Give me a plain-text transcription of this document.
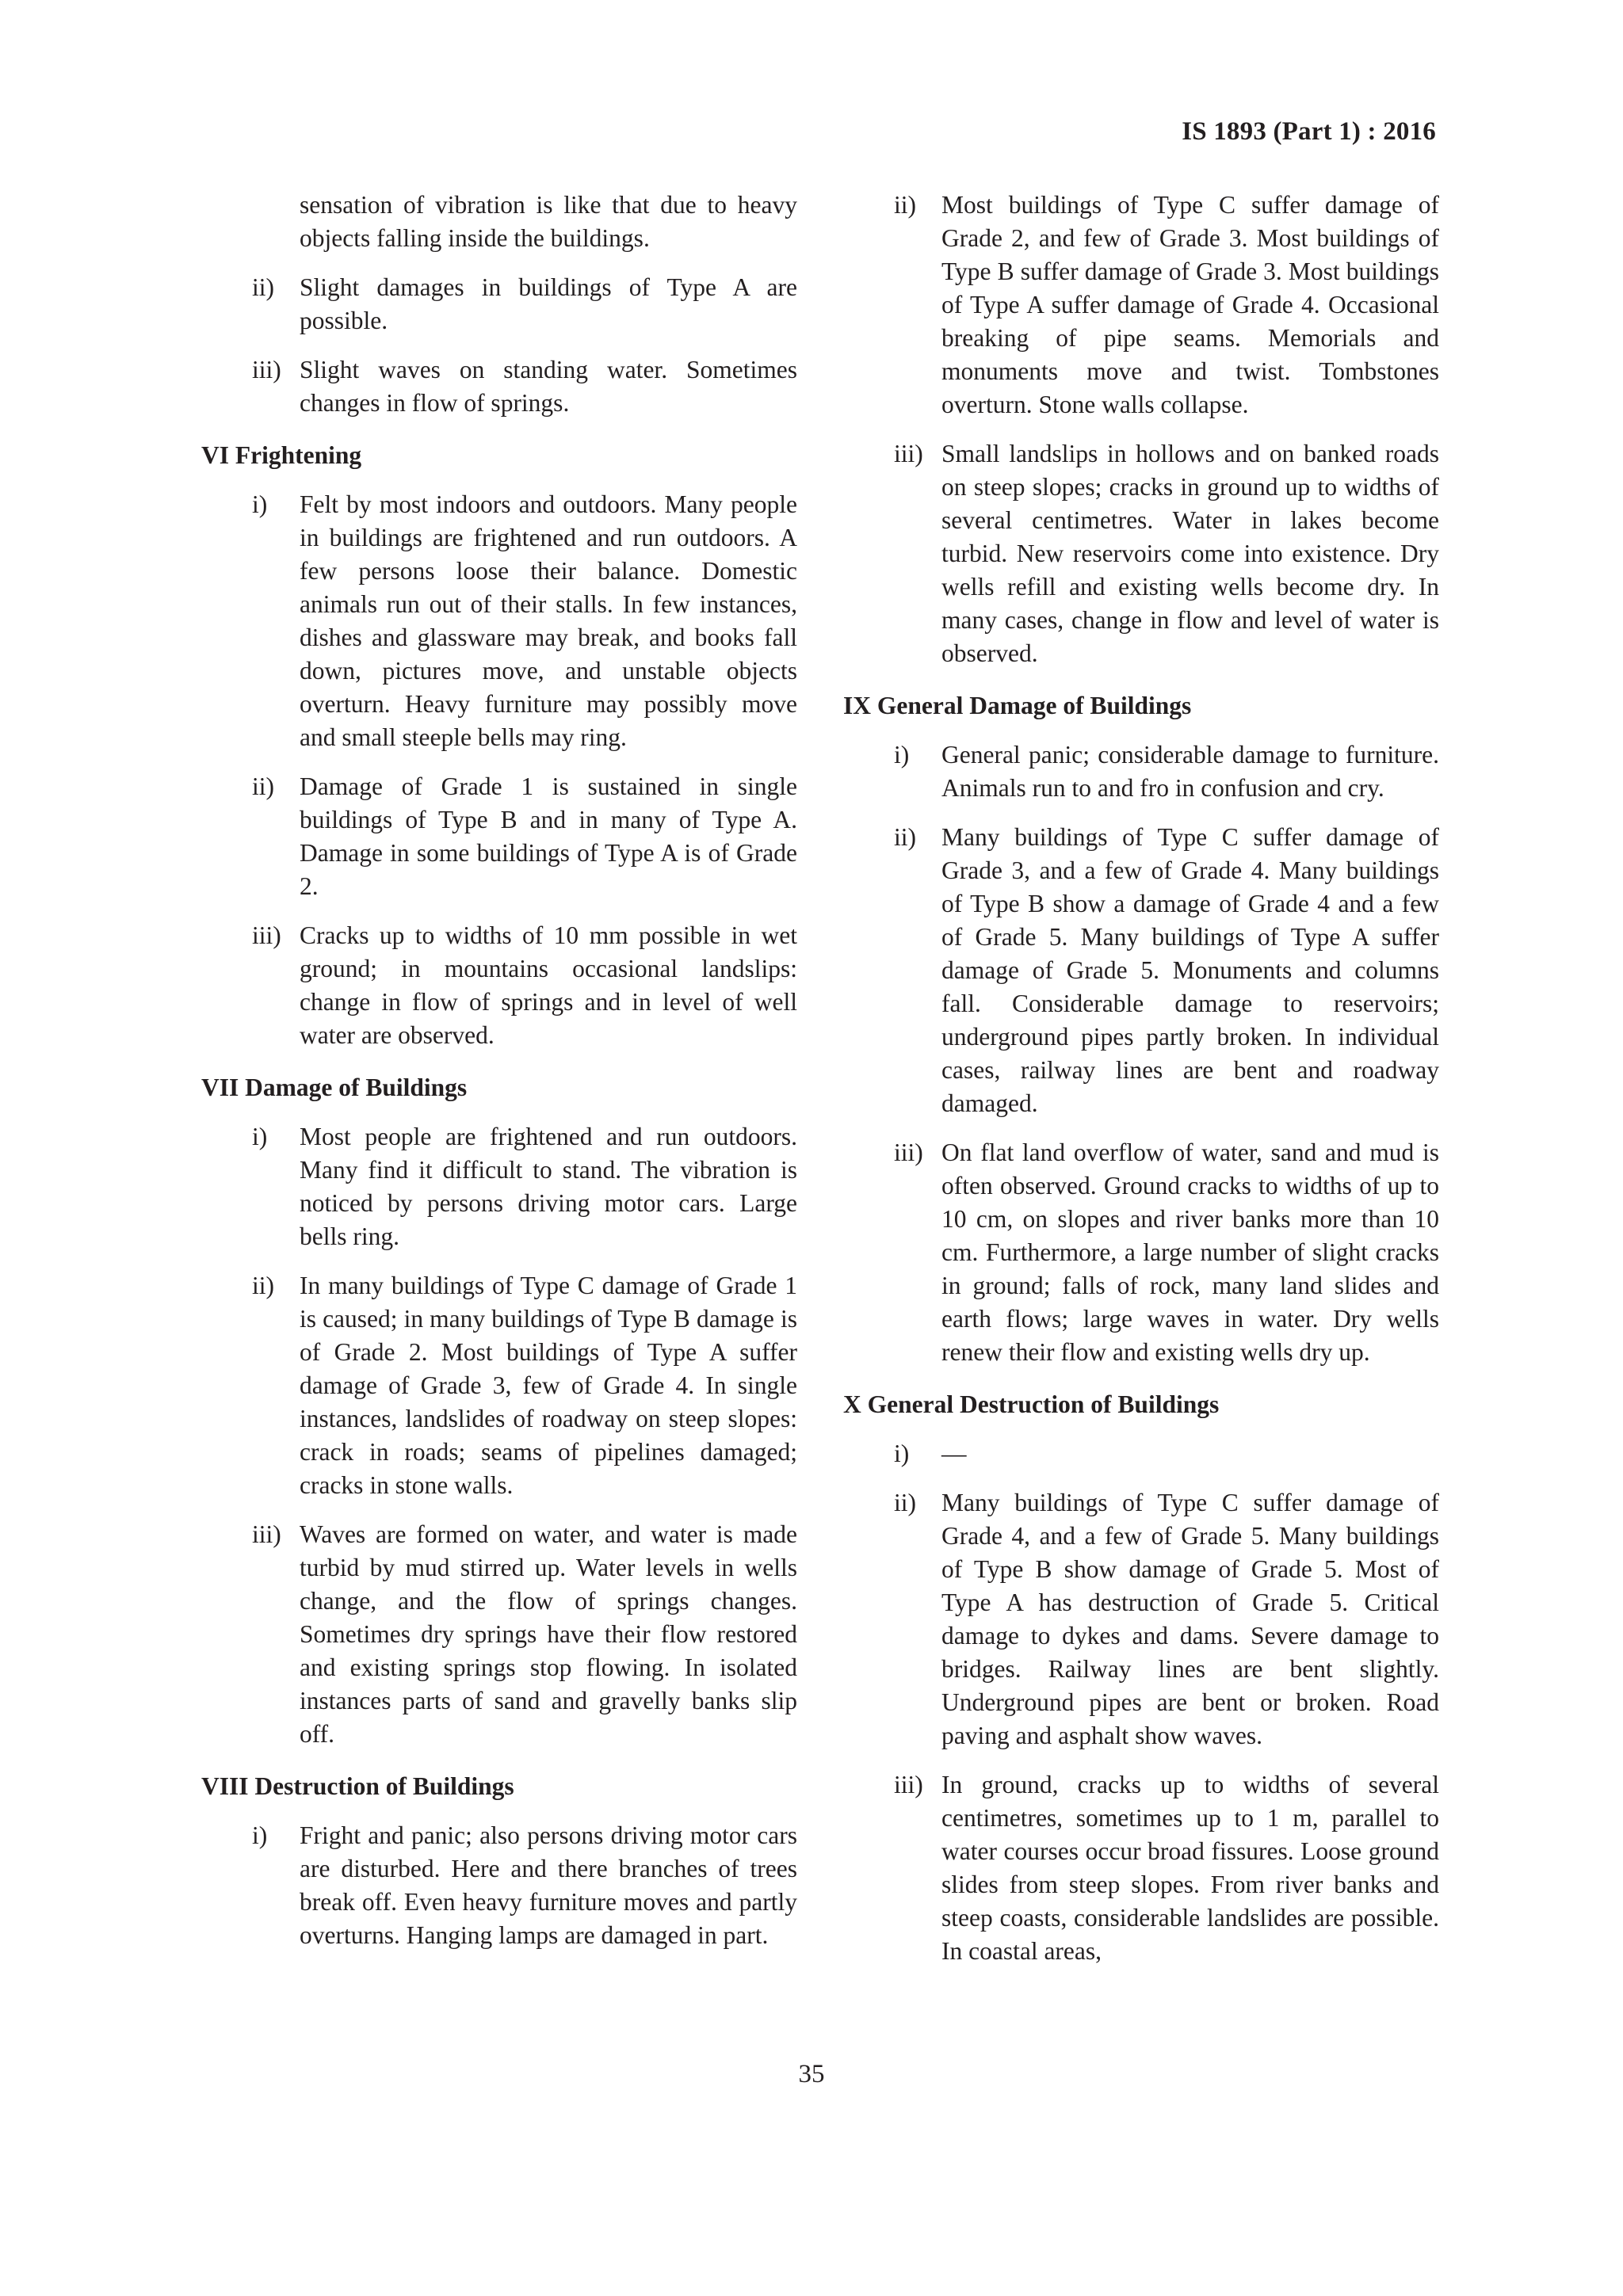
IS 1893 (Part 1) : 2016
sensation of vibration is like that due to heavy objects falling inside the buildings.
ii)	Slight damages in buildings of Type A are possible.
iii) Slight waves on standing water. Sometimes changes in flow of springs.
VI Frightening
i)	Felt by most indoors and outdoors. Many people in buildings are frightened and run outdoors. A few persons loose their balance. Domestic animals run out of their stalls. In few instances, dishes and glassware may break, and books fall down, pictures move, and unstable objects overturn. Heavy furniture may possibly move and small steeple bells may ring.
ii)	Damage of Grade 1 is sustained in single buildings of Type B and in many of Type A. Damage in some buildings of Type A is of Grade 2.
iii) Cracks up to widths of 10 mm possible in wet ground; in mountains occasional landslips: change in flow of springs and in level of well water are observed.
VII Damage of Buildings
i)	Most people are frightened and run outdoors. Many find it difficult to stand. The vibration is noticed by persons driving motor cars. Large bells ring.
ii)	In many buildings of Type C damage of Grade 1 is caused; in many buildings of Type B damage is of Grade 2. Most buildings of Type A suffer damage of Grade 3, few of Grade 4. In single instances, landslides of roadway on steep slopes: crack in roads; seams of pipelines damaged; cracks in stone walls.
iii) Waves are formed on water, and water is made turbid by mud stirred up. Water levels in wells change, and the flow of springs changes. Sometimes dry springs have their flow restored and existing springs stop flowing. In isolated instances parts of sand and gravelly banks slip off.
VIII Destruction of Buildings
i)	Fright and panic; also persons driving motor cars are disturbed. Here and there branches of trees break off. Even heavy furniture moves and partly overturns. Hanging lamps are damaged in part.
ii)	Most buildings of Type C suffer damage of Grade 2, and few of Grade 3. Most buildings of Type B suffer damage of Grade 3. Most buildings of Type A suffer damage of Grade 4. Occasional breaking of pipe seams. Memorials and monuments move and twist. Tombstones overturn. Stone walls collapse.
iii) Small landslips in hollows and on banked roads on steep slopes; cracks in ground up to widths of several centimetres. Water in lakes become turbid. New reservoirs come into existence. Dry wells refill and existing wells become dry. In many cases, change in flow and level of water is observed.
IX General Damage of Buildings
i)	General panic; considerable damage to furniture. Animals run to and fro in confusion and cry.
ii)	Many buildings of Type C suffer damage of Grade 3, and a few of Grade 4. Many buildings of Type B show a damage of Grade 4 and a few of Grade 5. Many buildings of Type A suffer damage of Grade 5. Monuments and columns fall. Considerable damage to reservoirs; underground pipes partly broken. In individual cases, railway lines are bent and roadway damaged.
iii) On flat land overflow of water, sand and mud is often observed. Ground cracks to widths of up to 10 cm, on slopes and river banks more than 10 cm. Furthermore, a large number of slight cracks in ground; falls of rock, many land slides and earth flows; large waves in water. Dry wells renew their flow and existing wells dry up.
X General Destruction of Buildings
i)	—
ii)	Many buildings of Type C suffer damage of Grade 4, and a few of Grade 5. Many buildings of Type B show damage of Grade 5. Most of Type A has destruction of Grade 5. Critical damage to dykes and dams. Severe damage to bridges. Railway lines are bent slightly. Underground pipes are bent or broken. Road paving and asphalt show waves.
iii) In ground, cracks up to widths of several centimetres, sometimes up to 1 m, parallel to water courses occur broad fissures. Loose ground slides from steep slopes. From river banks and steep coasts, considerable landslides are possible. In coastal areas,
35
